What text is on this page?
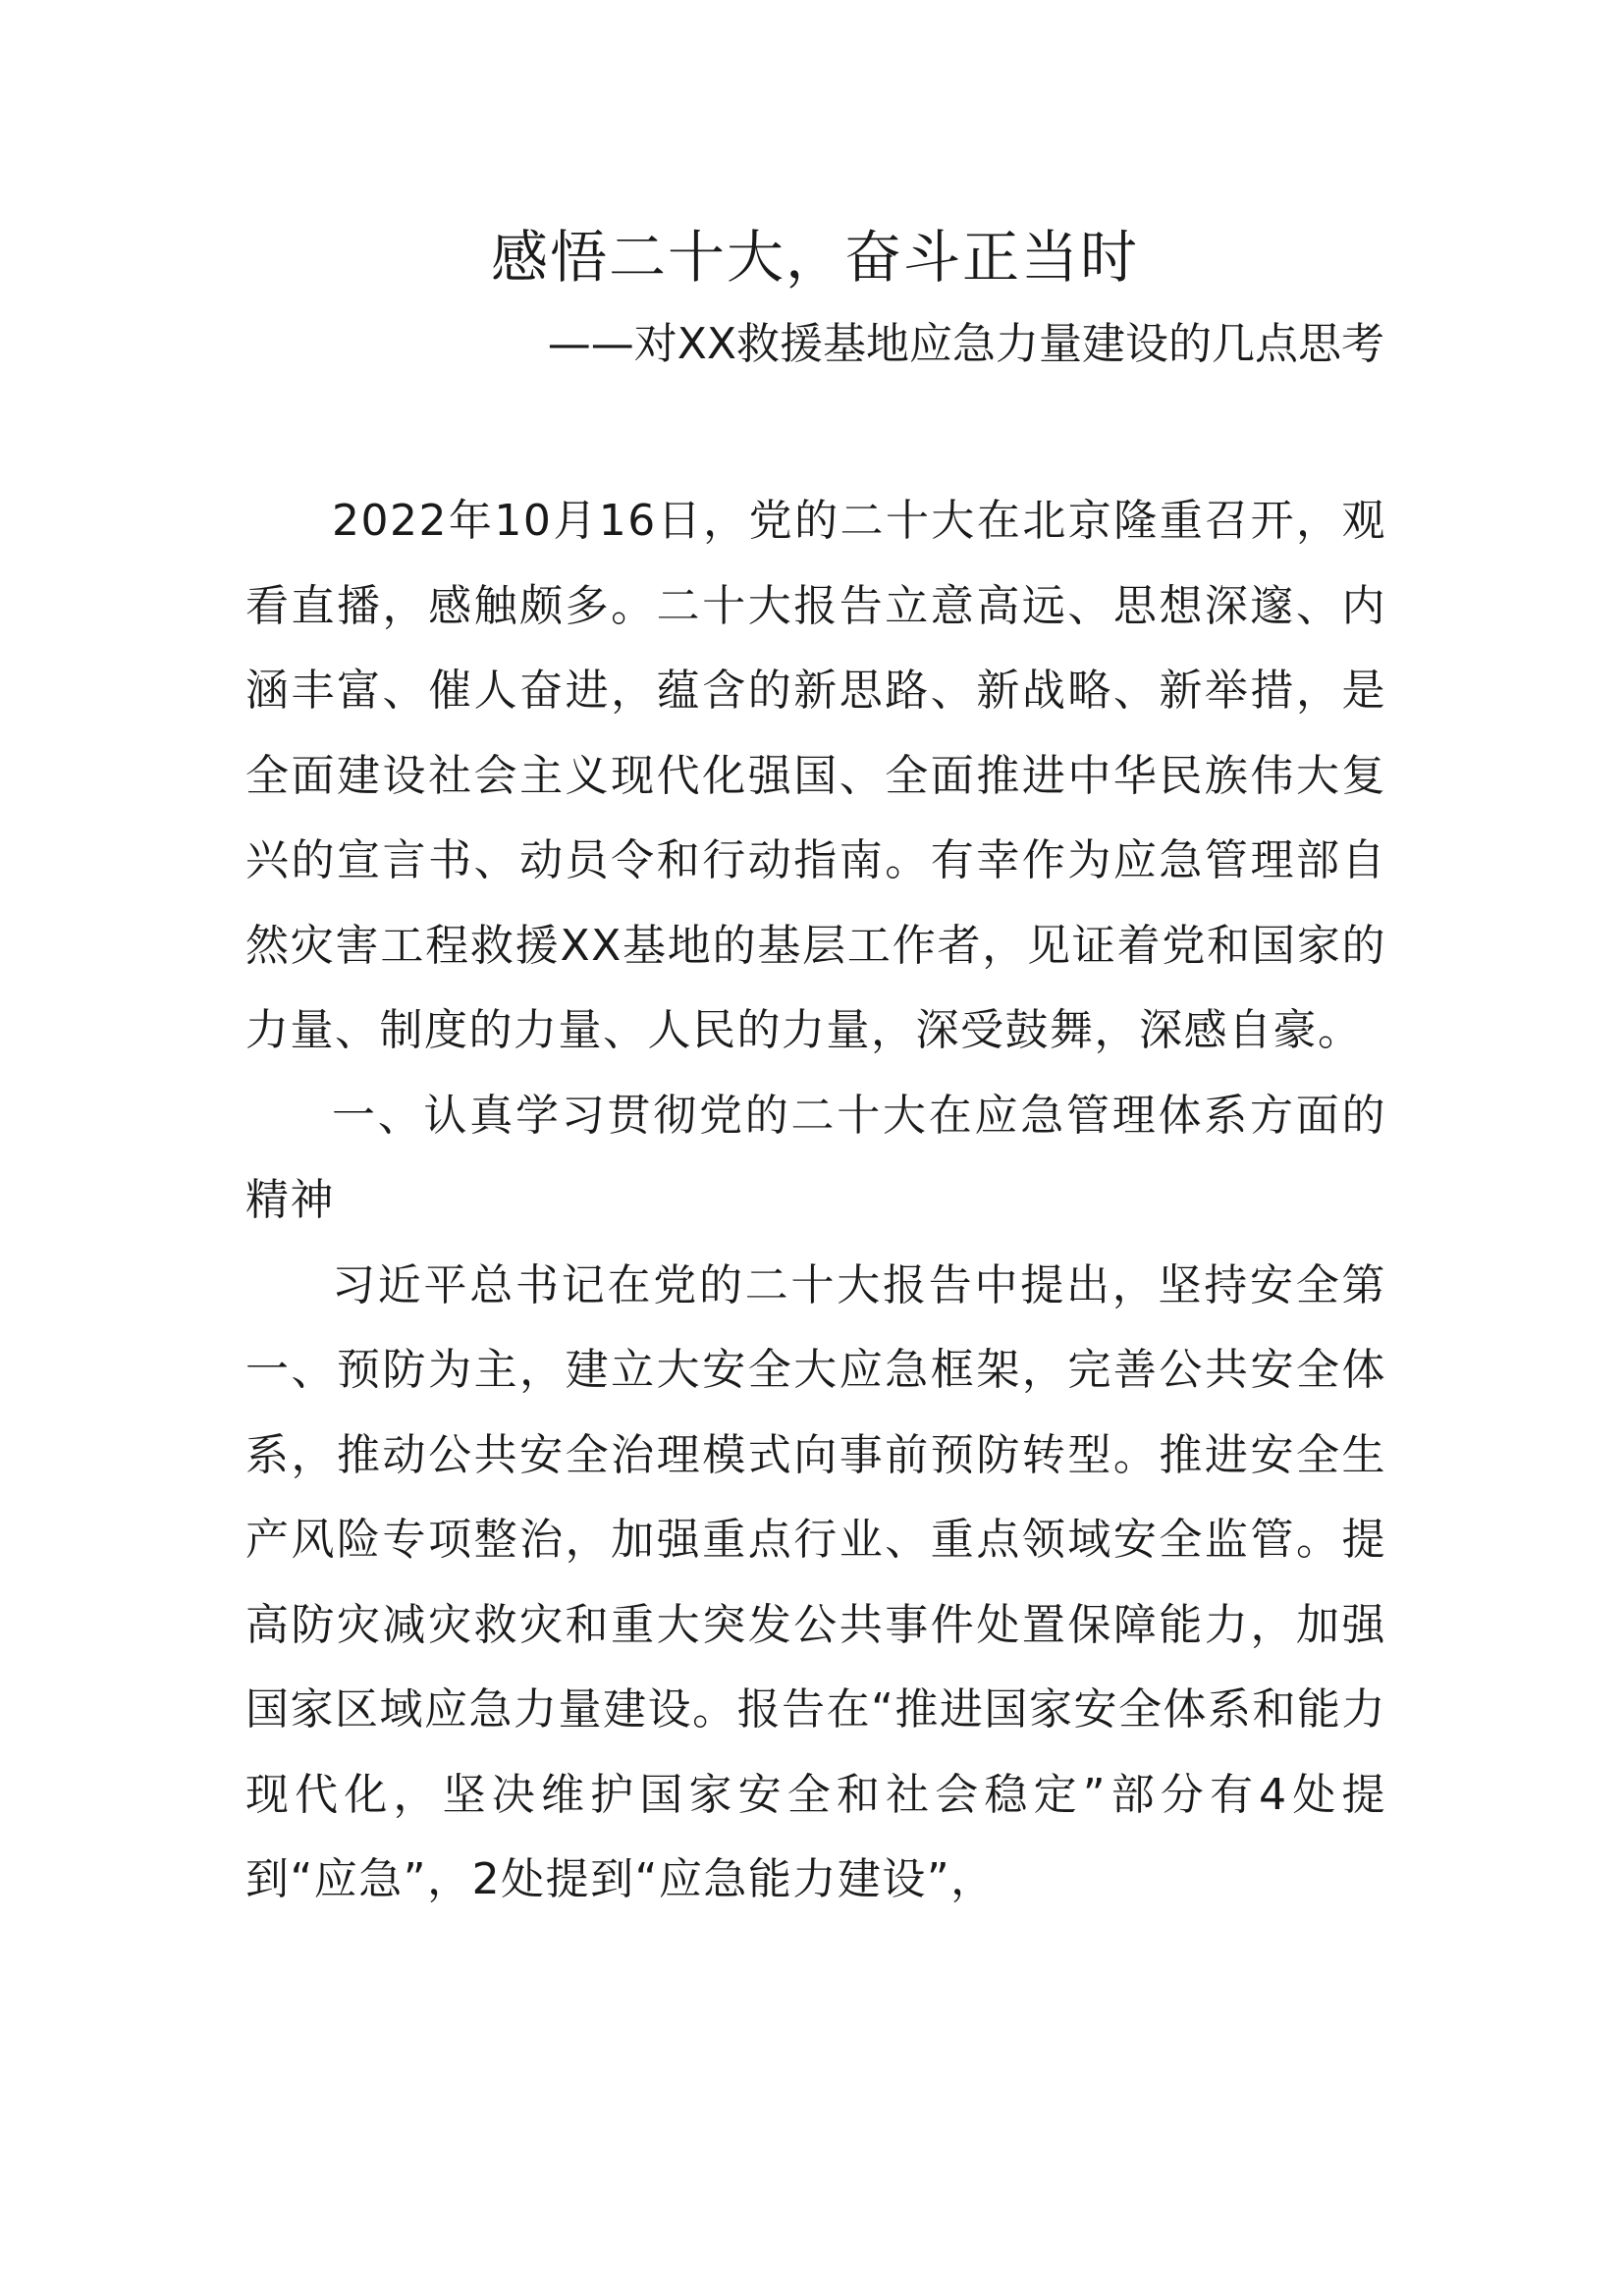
感悟二十大，奋斗正当时

——对XX救援基地应急力量建设的几点思考

2022年10月16日，党的二十大在北京隆重召开，观看直播，感触颇多。二十大报告立意高远、思想深邃、内涵丰富、催人奋进，蕴含的新思路、新战略、新举措，是全面建设社会主义现代化强国、全面推进中华民族伟大复兴的宣言书、动员令和行动指南。有幸作为应急管理部自然灾害工程救援XX基地的基层工作者，见证着党和国家的力量、制度的力量、人民的力量，深受鼓舞，深感自豪。

一、认真学习贯彻党的二十大在应急管理体系方面的精神

习近平总书记在党的二十大报告中提出，坚持安全第一、预防为主，建立大安全大应急框架，完善公共安全体系，推动公共安全治理模式向事前预防转型。推进安全生产风险专项整治，加强重点行业、重点领域安全监管。提高防灾减灾救灾和重大突发公共事件处置保障能力，加强国家区域应急力量建设。报告在“推进国家安全体系和能力现代化，坚决维护国家安全和社会稳定”部分有4处提到“应急”，2处提到“应急能力建设”，
